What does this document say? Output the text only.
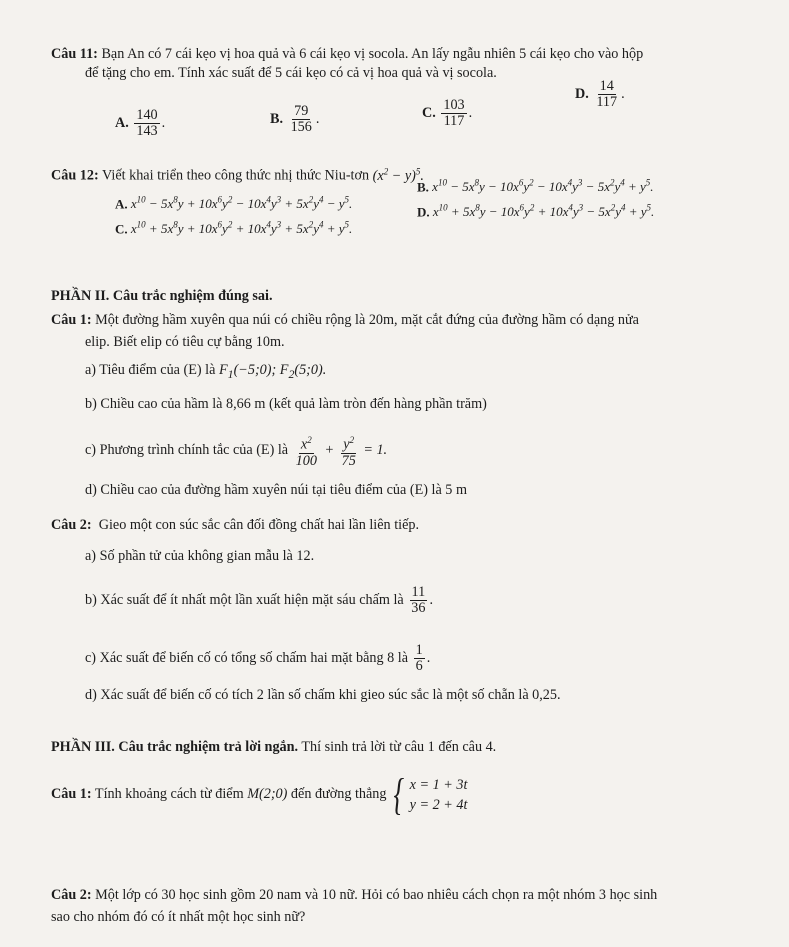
Câu 11: Bạn An có 7 cái kẹo vị hoa quả và 6 cái kẹo vị socola. An lấy ngẫu nhiên 5 cái kẹo cho vào hộp
để tặng cho em. Tính xác suất để 5 cái kẹo có cả vị hoa quả và vị socola.
A. $\frac{140}{143}$ .	B. $\frac{79}{156}$ .	C. $\frac{103}{117}$ .
D. $\frac{14}{117}$ .
Câu 12: Viết khai triển theo công thức nhị thức Niu-tơn $(x^2 - y)^5$.
A. $x^{10} - 5x^8y + 10x^6y^2 - 10x^4y^3 + 5x^2y^4 - y^5$.
B. $x^{10} - 5x^8y - 10x^6y^2 - 10x^4y^3 - 5x^2y^4 + y^5$.
C. $x^{10} + 5x^8y + 10x^6y^2 + 10x^4y^3 + 5x^2y^4 + y^5$.
D. $x^{10} + 5x^8y - 10x^6y^2 + 10x^4y^3 - 5x^2y^4 + y^5$.
PHẦN II. Câu trắc nghiệm đúng sai.
Câu 1: Một đường hầm xuyên qua núi có chiều rộng là 20m, mặt cắt đứng của đường hầm có dạng nửa
elip. Biết elip có tiêu cự bằng 10m.
a) Tiêu điểm của (E) là $F_1(-5;0)$; $F_2(5;0)$.
b) Chiều cao của hầm là 8,66 m (kết quả làm tròn đến hàng phần trăm)
c) Phương trình chính tắc của (E) là $\frac{x^2}{100} + \frac{y^2}{75} = 1$.
d) Chiều cao của đường hầm xuyên núi tại tiêu điểm của (E) là 5 m
Câu 2: Gieo một con súc sắc cân đối đồng chất hai lần liên tiếp.
a) Số phần tử của không gian mẫu là 12.
b) Xác suất để ít nhất một lần xuất hiện mặt sáu chấm là $\frac{11}{36}$ .
c) Xác suất để biến cố có tổng số chấm hai mặt bằng 8 là $\frac{1}{6}$ .
d) Xác suất để biến cố có tích 2 lần số chấm khi gieo súc sắc là một số chẵn là 0,25.
PHẦN III. Câu trắc nghiệm trả lời ngắn. Thí sinh trả lời từ câu 1 đến câu 4.
Câu 1: Tính khoảng cách từ điểm M(2;0) đến đường thẳng { x = 1 + 3t
y = 2 + 4t
Câu 2: Một lớp có 30 học sinh gồm 20 nam và 10 nữ. Hỏi có bao nhiêu cách chọn ra một nhóm 3 học sinh
sao cho nhóm đó có ít nhất một học sinh nữ?
